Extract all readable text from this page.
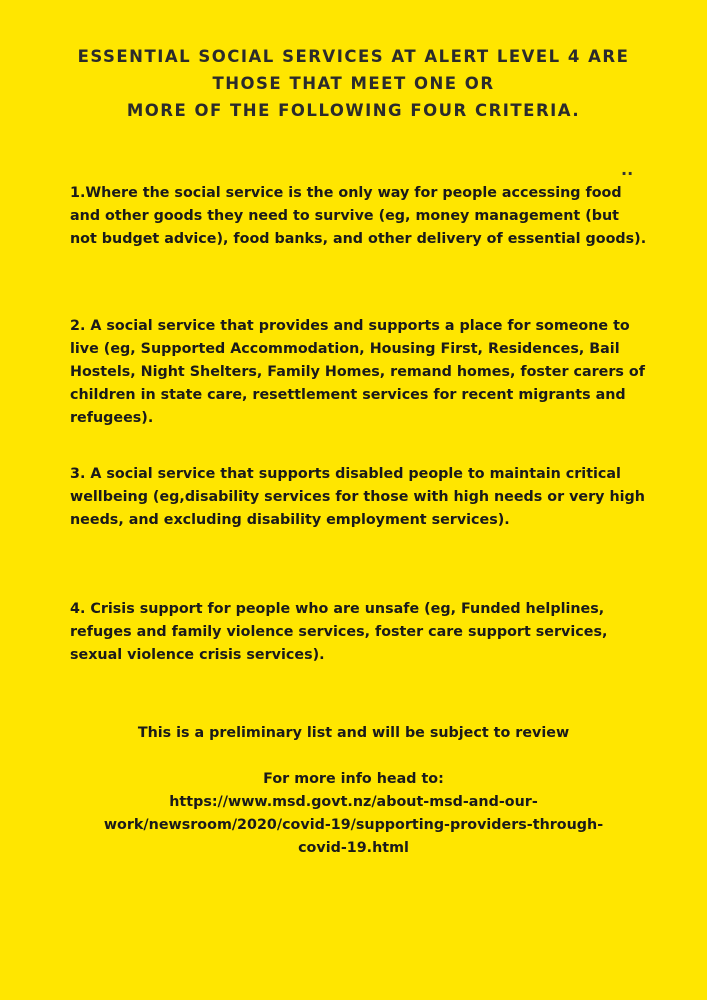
ESSENTIAL SOCIAL SERVICES AT ALERT LEVEL 4 ARE
THOSE THAT MEET ONE OR
MORE OF THE FOLLOWING FOUR CRITERIA.
..

1.Where the social service is the only way for people accessing food and other goods they need to survive (eg, money management (but not budget advice), food banks, and other delivery of essential goods).

2. A social service that provides and supports a place for someone to live (eg, Supported Accommodation, Housing First, Residences, Bail Hostels, Night Shelters, Family Homes, remand homes, foster carers of children in state care, resettlement services for recent migrants and refugees).

3. A social service that supports disabled people to maintain critical wellbeing (eg,disability services for those with high needs or very high needs, and excluding disability employment services).

4. Crisis support for people who are unsafe (eg, Funded helplines, refuges and family violence services, foster care support services, sexual violence crisis services).

This is a preliminary list and will be subject to review

For more info head to:
https://www.msd.govt.nz/about-msd-and-our-
work/newsroom/2020/covid-19/supporting-providers-through-
covid-19.html
